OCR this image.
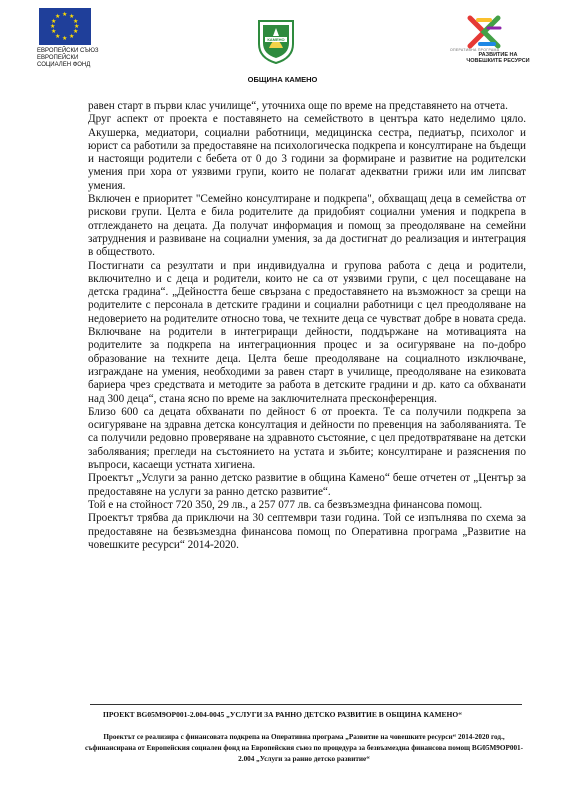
★ ★
★
★
★
★
★
★
★
★
★
★
ЕВРОПЕЙСКИ СЪЮЗ
ЕВРОПЕЙСКИ
СОЦИАЛЕН ФОНД
КАМЕНО
ОПЕРАТИВНА ПРОГРАМА
РАЗВИТИЕ НА
ЧОВЕШКИТЕ РЕСУРСИ
ОБЩИНА КАМЕНО

равен старт в първи клас училище“, уточниха още по време на представянето на отчета.

Друг аспект от проекта е поставянето на семейството в центъра като неделимо цяло. Акушерка, медиатори, социални работници, медицинска сестра, педиатър, психолог и юрист са работили за предоставяне на психологическа подкрепа и консултиране на бъдещи и настоящи родители с бебета от 0 до 3 години за формиране и развитие на родителски умения при хора от уязвими групи, които не полагат адекватни грижи или им липсват умения.

Включен е приоритет "Семейно консултиране и подкрепа", обхващащ деца в семейства от рискови групи. Целта е била родителите да придобият социални умения и подкрепа в отглеждането на децата. Да получат информация и помощ за преодоляване на семейни затруднения и развиване на социални умения, за да достигнат до реализация и интеграция в обществото.

Постигнати са резултати и при индивидуална и групова работа с деца и родители, включително и с деца и родители, които не са от уязвими групи, с цел посещаване на детска градина“. „Дейността беше свързана с предоставянето на възможност за срещи на родителите с персонала в детските градини и социални работници с цел преодоляване на недоверието на родителите относно това, че техните деца се чувстват добре в новата среда. Включване на родители в интегриращи дейности, поддържане на мотивацията на родителите за подкрепа на интеграционния процес и за осигуряване на по-добро образование на техните деца. Целта беше преодоляване на социалното изключване, изграждане на умения, необходими за равен старт в училище, преодоляване на езиковата бариера чрез средствата и методите за работа в детските градини и др. като са обхванати над 300 деца“, стана ясно по време на заключителната пресконференция.

Близо 600 са децата обхванати по дейност 6 от проекта. Те са получили подкрепа за осигуряване на здравна детска консултация и дейности по превенция на заболяванията. Те са получили редовно проверяване на здравното състояние, с цел предотвратяване на детски заболявания; прегледи на състоянието на устата и зъбите; консултиране и разяснения по въпроси, касаещи устната хигиена.

Проектът „Услуги за ранно детско развитие в община Камено“ беше отчетен от „Център за предоставяне на услуги за ранно детско развитие“.

Той е на стойност 720 350, 29 лв., а 257 077 лв. са безвъзмездна финансова помощ.

Проектът трябва да приключи на 30 септември тази година. Той се изпълнява по схема за предоставяне на безвъзмездна финансова помощ по Оперативна програма „Развитие на човешките ресурси“ 2014-2020.

ПРОЕКТ BG05M9OP001-2.004-0045 „УСЛУГИ ЗА РАННО ДЕТСКО РАЗВИТИЕ В ОБЩИНА КАМЕНО“
Проектът се реализира с финансовата подкрепа на Оперативна програма „Развитие на човешките ресурси“ 2014-2020 год., съфинансирана от Европейския социален фонд на Европейския съюз по процедура за безвъзмездна финансова помощ BG05M9OP001-2.004 „Услуги за ранно детско развитие“
